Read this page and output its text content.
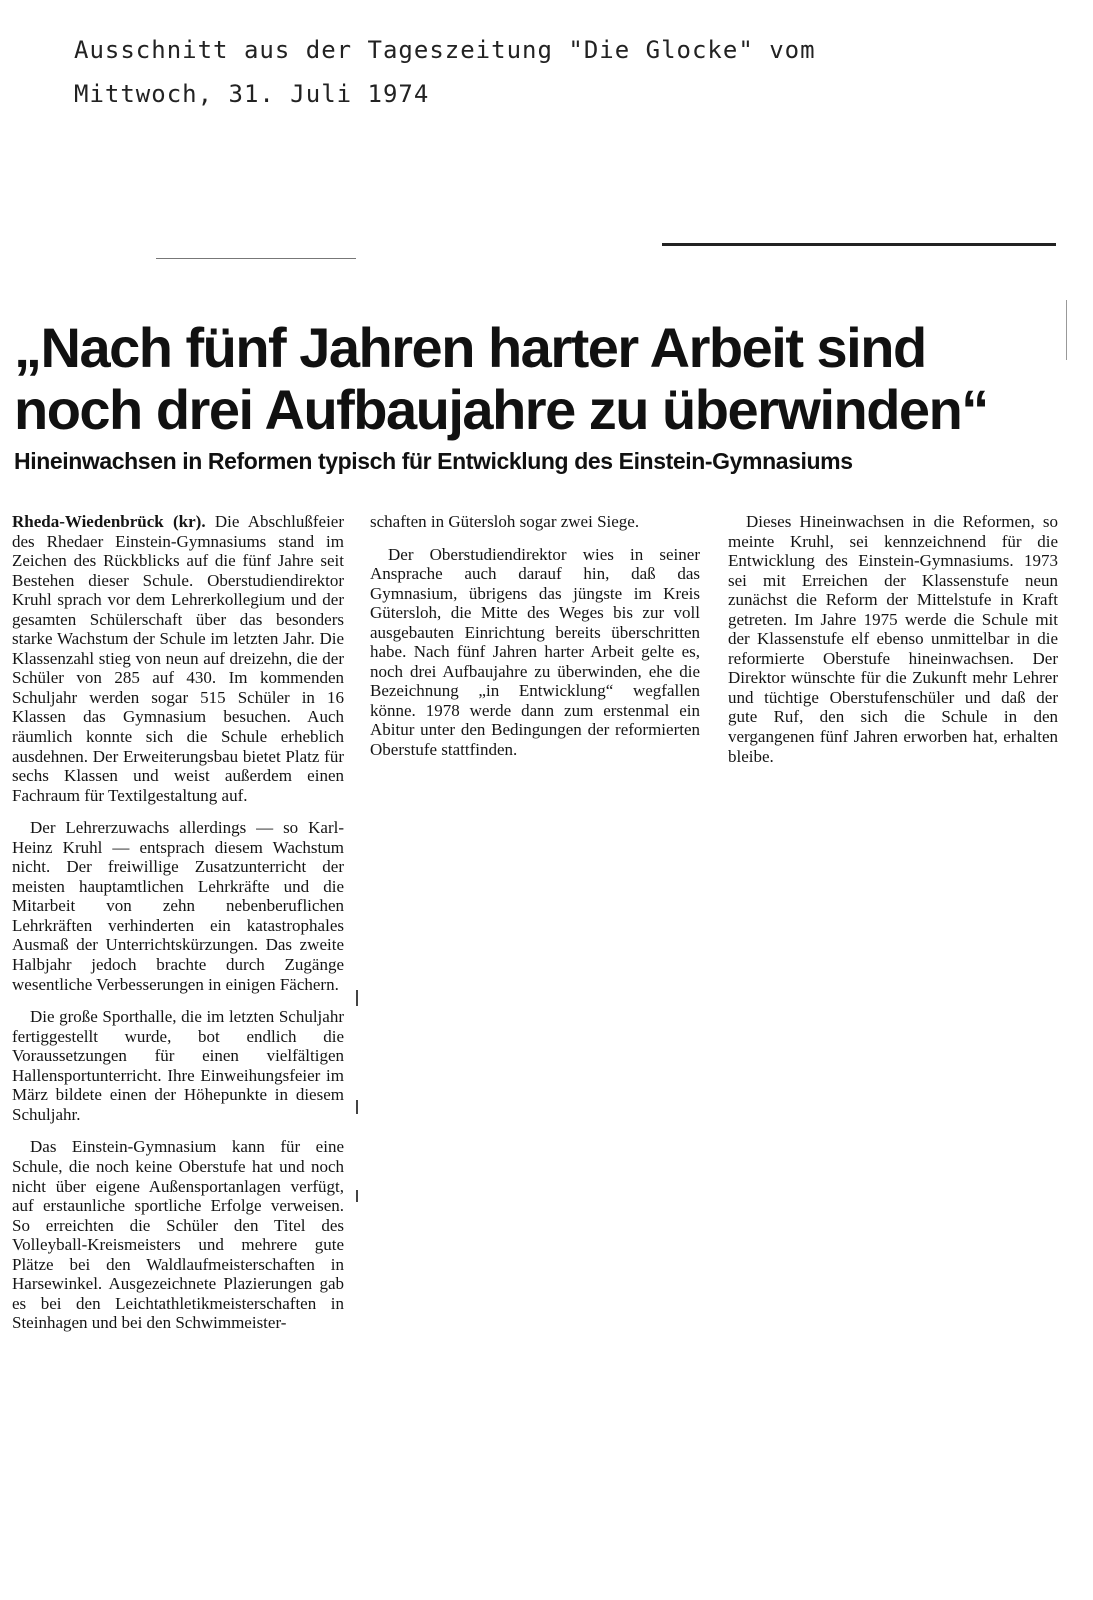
Ausschnitt aus der Tageszeitung "Die Glocke" vom
Mittwoch, 31. Juli 1974
„Nach fünf Jahren harter Arbeit sind
noch drei Aufbaujahre zu überwinden“
Hineinwachsen in Reformen typisch für Entwicklung des Einstein-Gymnasiums

Rheda-Wiedenbrück (kr). Die Abschlußfeier des Rhedaer Einstein-Gymnasiums stand im Zeichen des Rückblicks auf die fünf Jahre seit Bestehen dieser Schule. Oberstudiendirektor Kruhl sprach vor dem Lehrerkollegium und der gesamten Schülerschaft über das besonders starke Wachstum der Schule im letzten Jahr. Die Klassenzahl stieg von neun auf dreizehn, die der Schüler von 285 auf 430. Im kommenden Schuljahr werden sogar 515 Schüler in 16 Klassen das Gymnasium besuchen. Auch räumlich konnte sich die Schule erheblich ausdehnen. Der Erweiterungsbau bietet Platz für sechs Klassen und weist außerdem einen Fachraum für Textilgestaltung auf.

Der Lehrerzuwachs allerdings — so Karl-Heinz Kruhl — entsprach diesem Wachstum nicht. Der freiwillige Zusatzunterricht der meisten hauptamtlichen Lehrkräfte und die Mitarbeit von zehn nebenberuflichen Lehrkräften verhinderten ein katastrophales Ausmaß der Unterrichtskürzungen. Das zweite Halbjahr jedoch brachte durch Zugänge wesentliche Verbesserungen in einigen Fächern.

Die große Sporthalle, die im letzten Schuljahr fertiggestellt wurde, bot endlich die Voraussetzungen für einen vielfältigen Hallensportunterricht. Ihre Einweihungsfeier im März bildete einen der Höhepunkte in diesem Schuljahr.

Das Einstein-Gymnasium kann für eine Schule, die noch keine Oberstufe hat und noch nicht über eigene Außensportanlagen verfügt, auf erstaunliche sportliche Erfolge verweisen. So erreichten die Schüler den Titel des Volleyball-Kreismeisters und mehrere gute Plätze bei den Waldlaufmeisterschaften in Harsewinkel. Ausgezeichnete Plazierungen gab es bei den Leichtathletikmeisterschaften in Steinhagen und bei den Schwimmeister-

schaften in Gütersloh sogar zwei Siege.

Der Oberstudiendirektor wies in seiner Ansprache auch darauf hin, daß das Gymnasium, übrigens das jüngste im Kreis Gütersloh, die Mitte des Weges bis zur voll ausgebauten Einrichtung bereits überschritten habe. Nach fünf Jahren harter Arbeit gelte es, noch drei Aufbaujahre zu überwinden, ehe die Bezeichnung „in Entwicklung“ wegfallen könne. 1978 werde dann zum erstenmal ein Abitur unter den Bedingungen der reformierten Oberstufe stattfinden.

Dieses Hineinwachsen in die Reformen, so meinte Kruhl, sei kennzeichnend für die Entwicklung des Einstein-Gymnasiums. 1973 sei mit Erreichen der Klassenstufe neun zunächst die Reform der Mittelstufe in Kraft getreten. Im Jahre 1975 werde die Schule mit der Klassenstufe elf ebenso unmittelbar in die reformierte Oberstufe hineinwachsen. Der Direktor wünschte für die Zukunft mehr Lehrer und tüchtige Oberstufenschüler und daß der gute Ruf, den sich die Schule in den vergangenen fünf Jahren erworben hat, erhalten bleibe.
